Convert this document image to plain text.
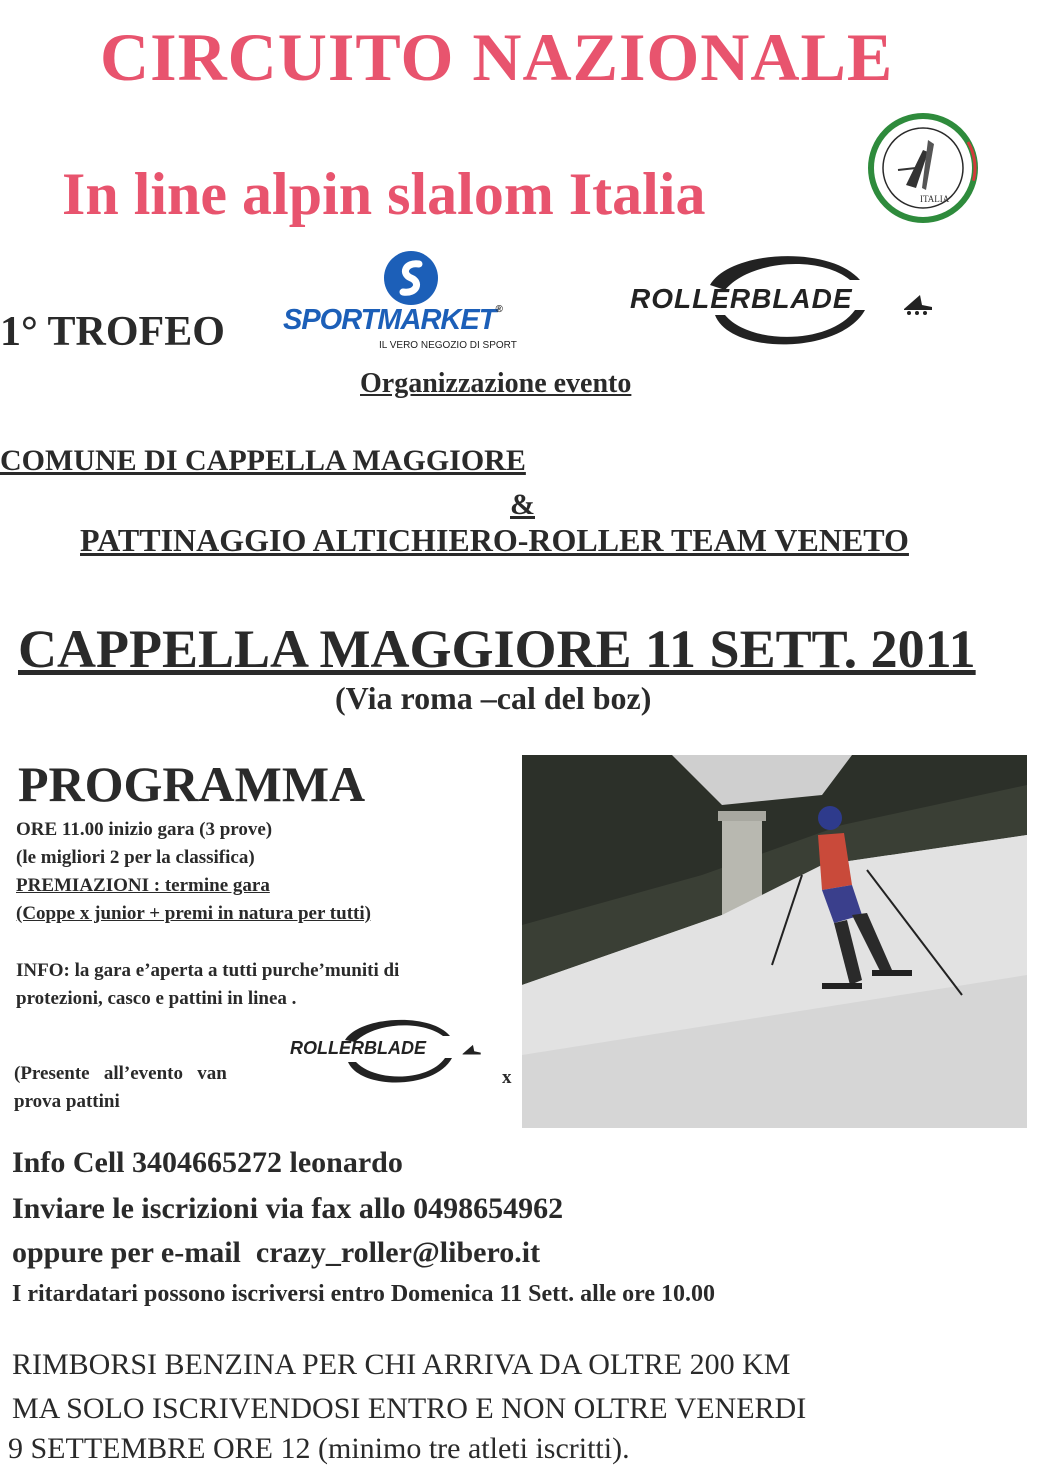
CIRCUITO NAZIONALE
In line alpin slalom Italia	ITALIA
1° TROFEO SPORTMARKET®
IL VERO NEGOZIO DI SPORT
ROLLERBLADE
Organizzazione evento
COMUNE DI CAPPELLA MAGGIORE
&
PATTINAGGIO ALTICHIERO-ROLLER TEAM VENETO
CAPPELLA MAGGIORE 11 SETT. 2011
(Via roma –cal del boz)
PROGRAMMA
ORE 11.00 inizio gara (3 prove)
(le migliori 2 per la classifica)
PREMIAZIONI : termine gara
(Coppe x junior + premi in natura per tutti)
INFO: la gara e’aperta a tutti purche’muniti di
protezioni, casco e pattini in linea .
ROLLERBLADE
(Presente   all’evento   van
prova pattini
x
Info Cell 3404665272 leonardo
Inviare le iscrizioni via fax allo 0498654962
oppure per e-mail  crazy_roller@libero.it
I ritardatari possono iscriversi entro Domenica 11 Sett. alle ore 10.00
RIMBORSI BENZINA PER CHI ARRIVA DA OLTRE 200 KM
MA SOLO ISCRIVENDOSI ENTRO E NON OLTRE VENERDI
9 SETTEMBRE ORE 12 (minimo tre atleti iscritti).
